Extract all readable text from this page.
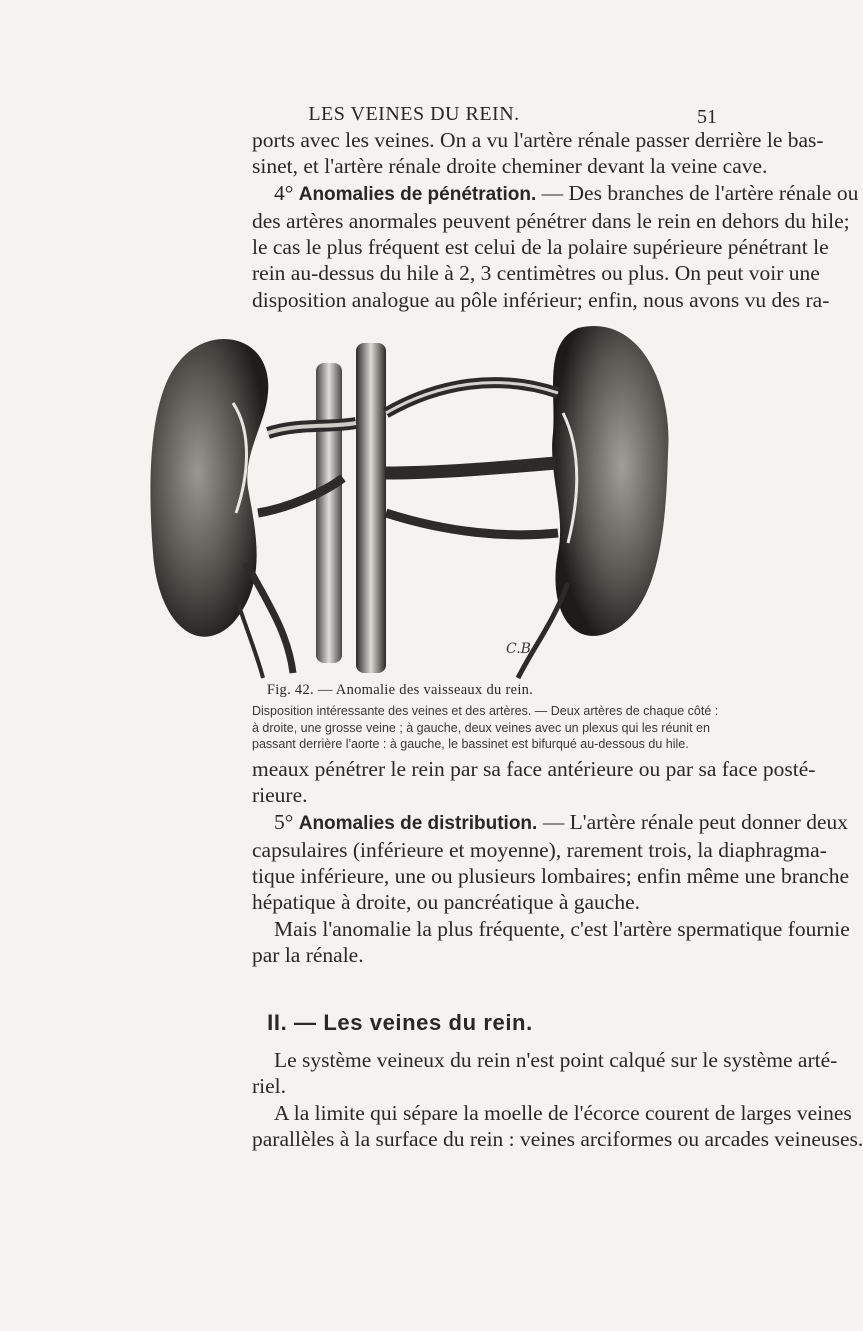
LES VEINES DU REIN.	51
ports avec les veines. On a vu l'artère rénale passer derrière le bas-
sinet, et l'artère rénale droite cheminer devant la veine cave.
4° Anomalies de pénétration. — Des branches de l'artère rénale ou
des artères anormales peuvent pénétrer dans le rein en dehors du hile;
le cas le plus fréquent est celui de la polaire supérieure pénétrant le
rein au-dessus du hile à 2, 3 centimètres ou plus. On peut voir une
disposition analogue au pôle inférieur; enfin, nous avons vu des ra-
C.B.
Fig. 42. — Anomalie des vaisseaux du rein.
Disposition intéressante des veines et des artères. — Deux artères de chaque côté : à droite, une grosse veine ; à gauche, deux veines avec un plexus qui les réunit en passant derrière l'aorte : à gauche, le bassinet est bifurqué au-dessous du hile.
meaux pénétrer le rein par sa face antérieure ou par sa face posté-
rieure.
5° Anomalies de distribution. — L'artère rénale peut donner deux
capsulaires (inférieure et moyenne), rarement trois, la diaphragma-
tique inférieure, une ou plusieurs lombaires; enfin même une branche
hépatique à droite, ou pancréatique à gauche.
Mais l'anomalie la plus fréquente, c'est l'artère spermatique fournie
par la rénale.
II. — Les veines du rein.
Le système veineux du rein n'est point calqué sur le système arté-
riel.
A la limite qui sépare la moelle de l'écorce courent de larges veines
parallèles à la surface du rein : veines arciformes ou arcades veineuses.
